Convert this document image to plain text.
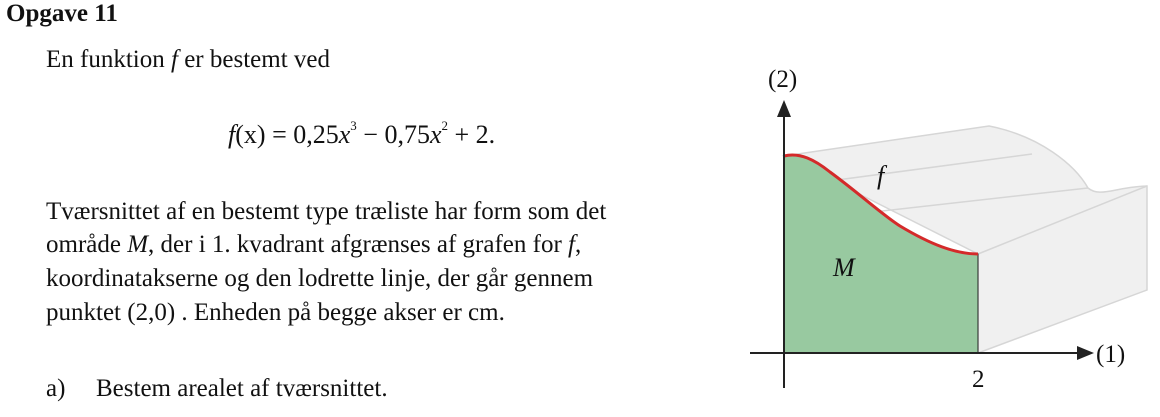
Opgave 11
En funktion f er bestemt ved
$f(x) = 0,25x^3 - 0,75x^2 + 2$.
Tværsnittet af en bestemt type træliste har form som det
område M, der i 1. kvadrant afgrænses af grafen for f,
koordinatakserne og den lodrette linje, der går gennem
punktet (2,0) . Enheden på begge akser er cm.
a) Bestem arealet af tværsnittet.
(2)
(1)
2
f
M
